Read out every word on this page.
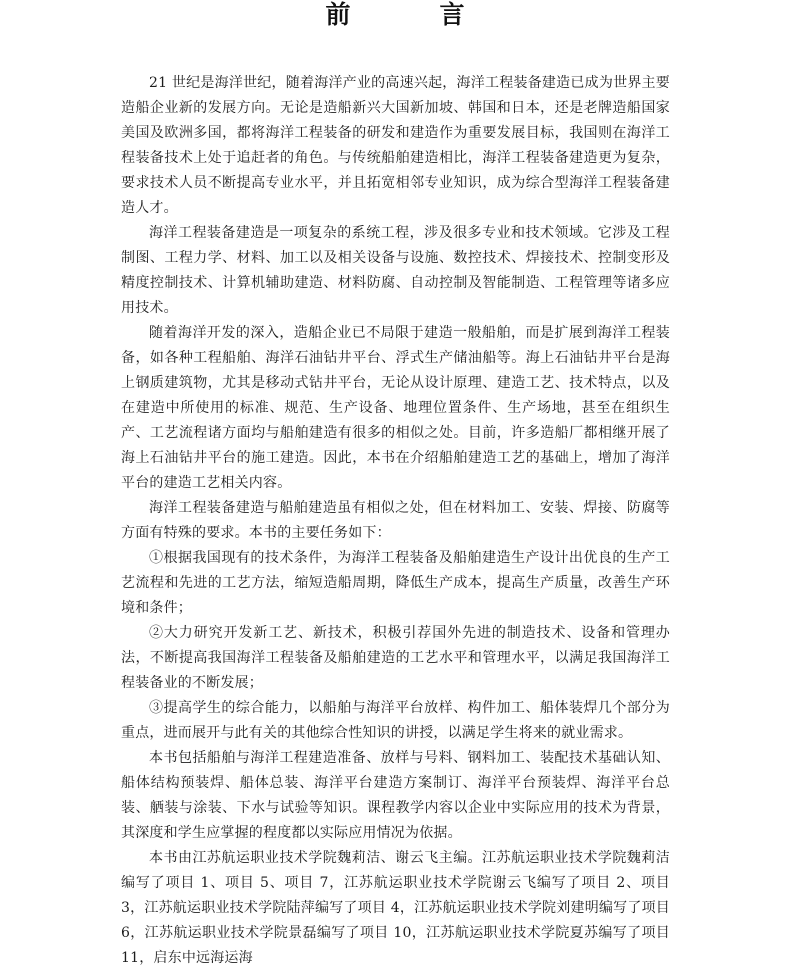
前　言

21 世纪是海洋世纪，随着海洋产业的高速兴起，海洋工程装备建造已成为世界主要造船企业新的发展方向。无论是造船新兴大国新加坡、韩国和日本，还是老牌造船国家美国及欧洲多国，都将海洋工程装备的研发和建造作为重要发展目标，我国则在海洋工程装备技术上处于追赶者的角色。与传统船舶建造相比，海洋工程装备建造更为复杂，要求技术人员不断提高专业水平，并且拓宽相邻专业知识，成为综合型海洋工程装备建造人才。

海洋工程装备建造是一项复杂的系统工程，涉及很多专业和技术领域。它涉及工程制图、工程力学、材料、加工以及相关设备与设施、数控技术、焊接技术、控制变形及精度控制技术、计算机辅助建造、材料防腐、自动控制及智能制造、工程管理等诸多应用技术。

随着海洋开发的深入，造船企业已不局限于建造一般船舶，而是扩展到海洋工程装备，如各种工程船舶、海洋石油钻井平台、浮式生产储油船等。海上石油钻井平台是海上钢质建筑物，尤其是移动式钻井平台，无论从设计原理、建造工艺、技术特点，以及在建造中所使用的标准、规范、生产设备、地理位置条件、生产场地，甚至在组织生产、工艺流程诸方面均与船舶建造有很多的相似之处。目前，许多造船厂都相继开展了海上石油钻井平台的施工建造。因此，本书在介绍船舶建造工艺的基础上，增加了海洋平台的建造工艺相关内容。

海洋工程装备建造与船舶建造虽有相似之处，但在材料加工、安装、焊接、防腐等方面有特殊的要求。本书的主要任务如下：

①根据我国现有的技术条件，为海洋工程装备及船舶建造生产设计出优良的生产工艺流程和先进的工艺方法，缩短造船周期，降低生产成本，提高生产质量，改善生产环境和条件；

②大力研究开发新工艺、新技术，积极引荐国外先进的制造技术、设备和管理办法，不断提高我国海洋工程装备及船舶建造的工艺水平和管理水平，以满足我国海洋工程装备业的不断发展；

③提高学生的综合能力，以船舶与海洋平台放样、构件加工、船体装焊几个部分为重点，进而展开与此有关的其他综合性知识的讲授，以满足学生将来的就业需求。

本书包括船舶与海洋工程建造准备、放样与号料、钢料加工、装配技术基础认知、船体结构预装焊、船体总装、海洋平台建造方案制订、海洋平台预装焊、海洋平台总装、舾装与涂装、下水与试验等知识。课程教学内容以企业中实际应用的技术为背景，其深度和学生应掌握的程度都以实际应用情况为依据。

本书由江苏航运职业技术学院魏莉洁、谢云飞主编。江苏航运职业技术学院魏莉洁编写了项目 1、项目 5、项目 7，江苏航运职业技术学院谢云飞编写了项目 2、项目 3，江苏航运职业技术学院陆萍编写了项目 4，江苏航运职业技术学院刘建明编写了项目 6，江苏航运职业技术学院景磊编写了项目 10，江苏航运职业技术学院夏苏编写了项目 11，启东中远海运海
